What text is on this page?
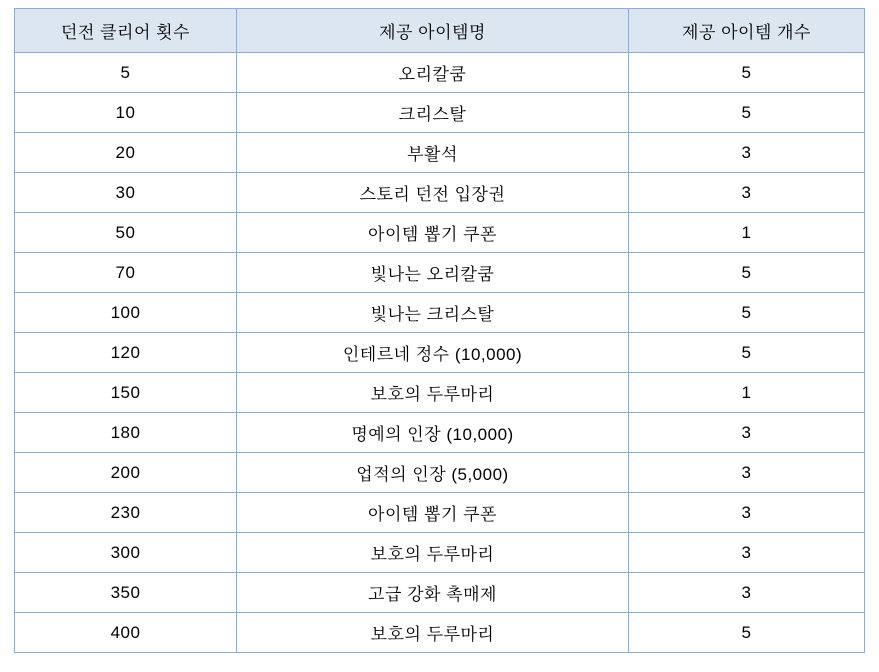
던전 클리어 횟수	제공 아이템명	제공 아이템 개수
5	오리칼쿰	5
10	크리스탈	5
20	부활석	3
30	스토리 던전 입장권	3
50	아이템 뽑기 쿠폰	1
70	빛나는 오리칼쿰	5
100	빛나는 크리스탈	5
120	인테르네 정수 (10,000)	5
150	보호의 두루마리	1
180	명예의 인장 (10,000)	3
200	업적의 인장 (5,000)	3
230	아이템 뽑기 쿠폰	3
300	보호의 두루마리	3
350	고급 강화 촉매제	3
400	보호의 두루마리	5
